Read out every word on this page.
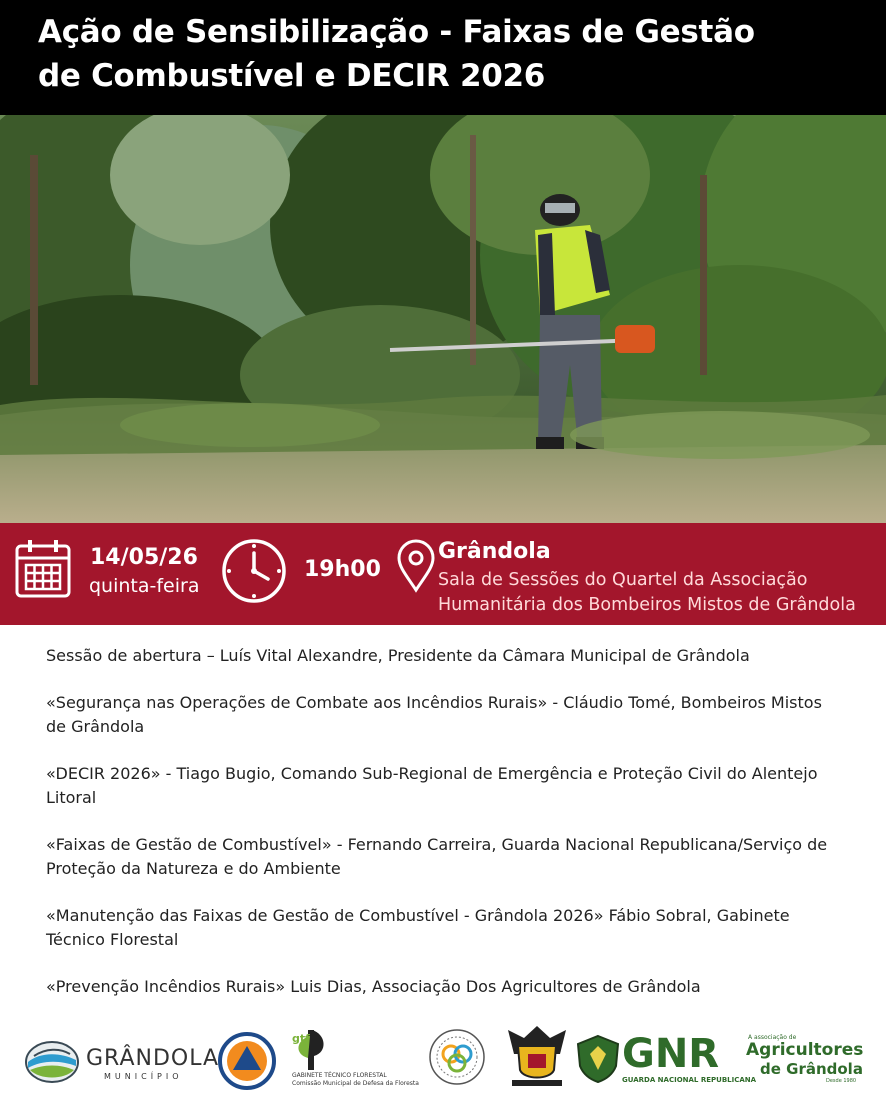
Ação de Sensibilização - Faixas de Gestão
de Combustível e DECIR 2026
14/05/26
quinta-feira
19h00
Grândola
Sala de Sessões do Quartel da Associação
Humanitária dos Bombeiros Mistos de Grândola

Sessão de abertura – Luís Vital Alexandre, Presidente da Câmara Municipal de Grândola

«Segurança nas Operações de Combate aos Incêndios Rurais» - Cláudio Tomé, Bombeiros Mistos de Grândola

«DECIR 2026» - Tiago Bugio, Comando Sub-Regional de Emergência e Proteção Civil do Alentejo Litoral

«Faixas de Gestão de Combustível» - Fernando Carreira, Guarda Nacional Republicana/Serviço de Proteção da Natureza e do Ambiente

«Manutenção das Faixas de Gestão de Combustível - Grândola 2026» Fábio Sobral, Gabinete Técnico Florestal

«Prevenção Incêndios Rurais» Luis Dias, Associação Dos Agricultores de Grândola

GRÂNDOLA
MUNICÍPIO
gtf
GABINETE TÉCNICO FLORESTAL
Comissão Municipal de Defesa da Floresta
GNR
GUARDA NACIONAL REPUBLICANA
A associação de
Agricultores
de Grândola
Desde 1980
